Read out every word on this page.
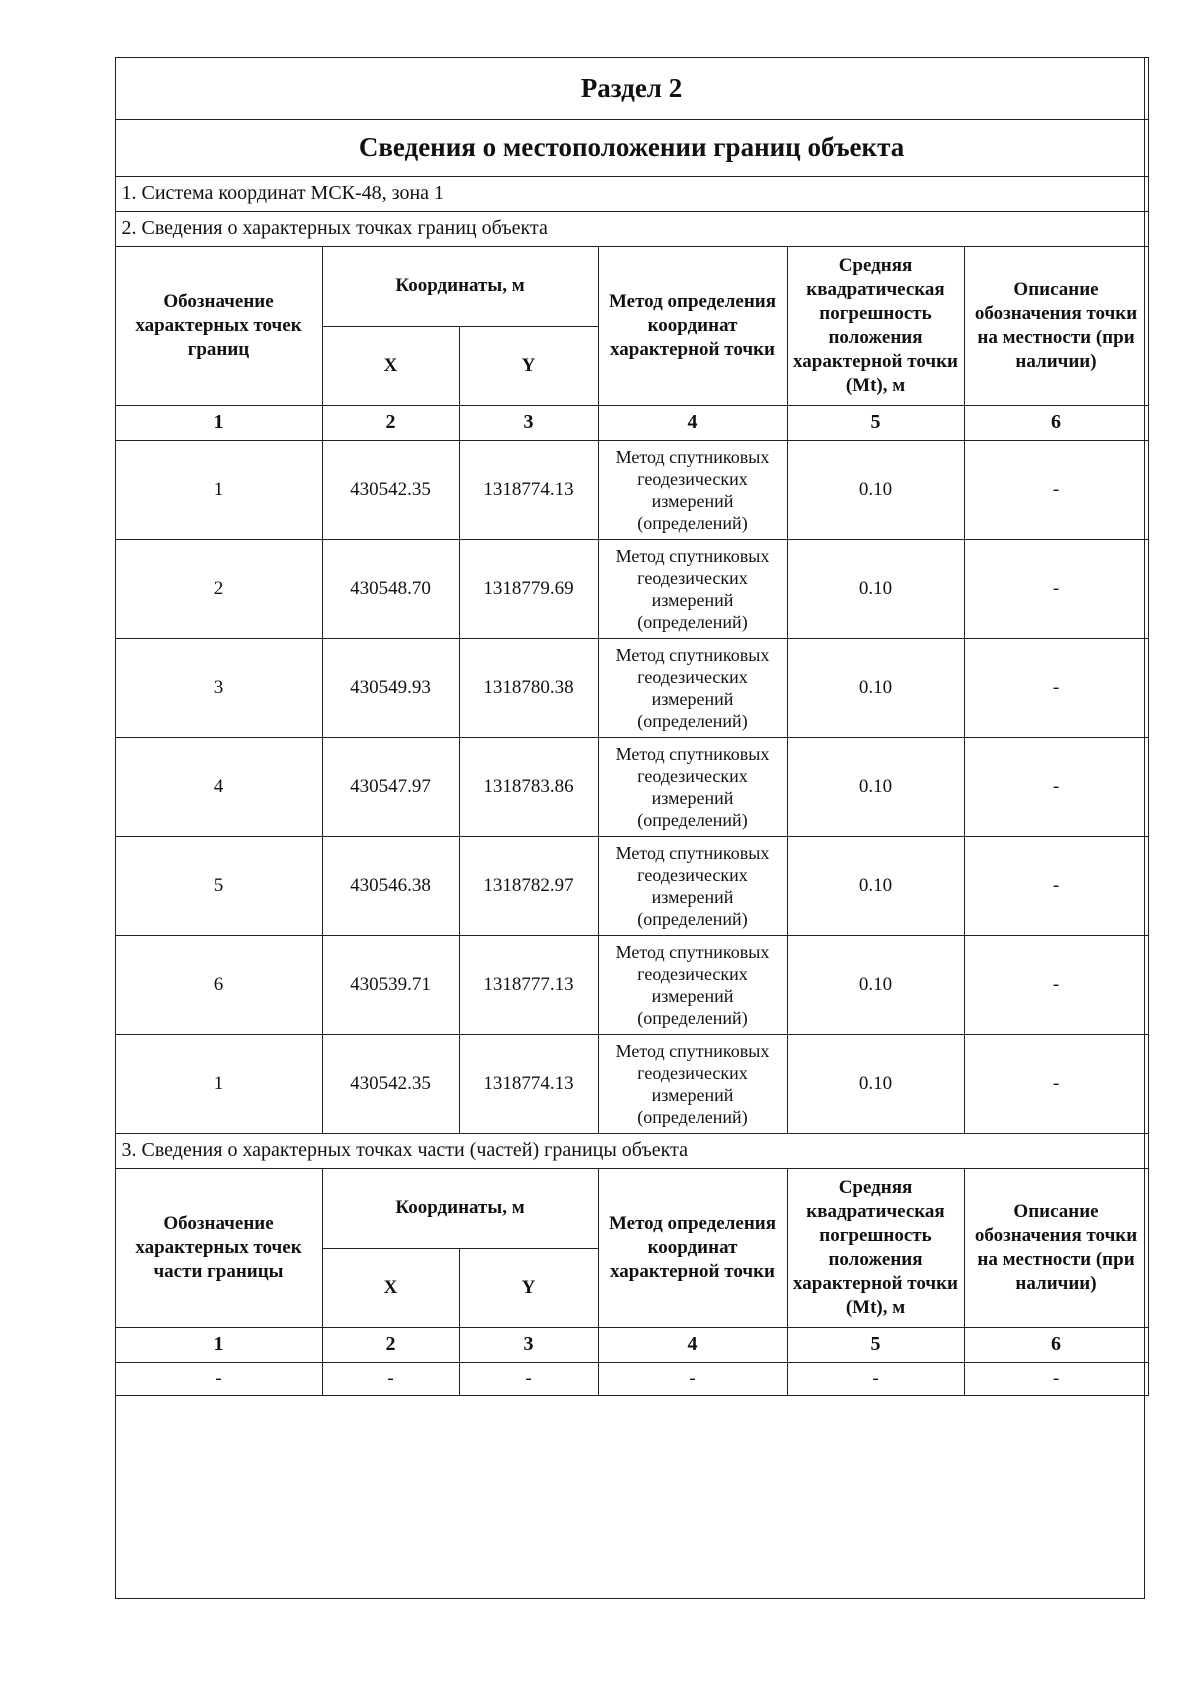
Раздел 2					
Сведения о местоположении границ объекта					
1. Система координат МСК-48, зона 1					
2. Сведения о характерных точках границ объекта					
Обозначение характерных точек границ	Координаты, м		Метод определения координат характерной точки	Средняя квадратическая погрешность положения характерной точки (Mt), м	Описание обозначения точки на местности (при наличии)
	X	Y			
1	2	3	4	5	6
1	430542.35	1318774.13	Метод спутниковых геодезических измерений (определений)	0.10	-
2	430548.70	1318779.69	Метод спутниковых геодезических измерений (определений)	0.10	-
3	430549.93	1318780.38	Метод спутниковых геодезических измерений (определений)	0.10	-
4	430547.97	1318783.86	Метод спутниковых геодезических измерений (определений)	0.10	-
5	430546.38	1318782.97	Метод спутниковых геодезических измерений (определений)	0.10	-
6	430539.71	1318777.13	Метод спутниковых геодезических измерений (определений)	0.10	-
1	430542.35	1318774.13	Метод спутниковых геодезических измерений (определений)	0.10	-
3. Сведения о характерных точках части (частей) границы объекта					
Обозначение характерных точек части границы	Координаты, м		Метод определения координат характерной точки	Средняя квадратическая погрешность положения характерной точки (Mt), м	Описание обозначения точки на местности (при наличии)
	X	Y			
1	2	3	4	5	6
-	-	-	-	-	-
